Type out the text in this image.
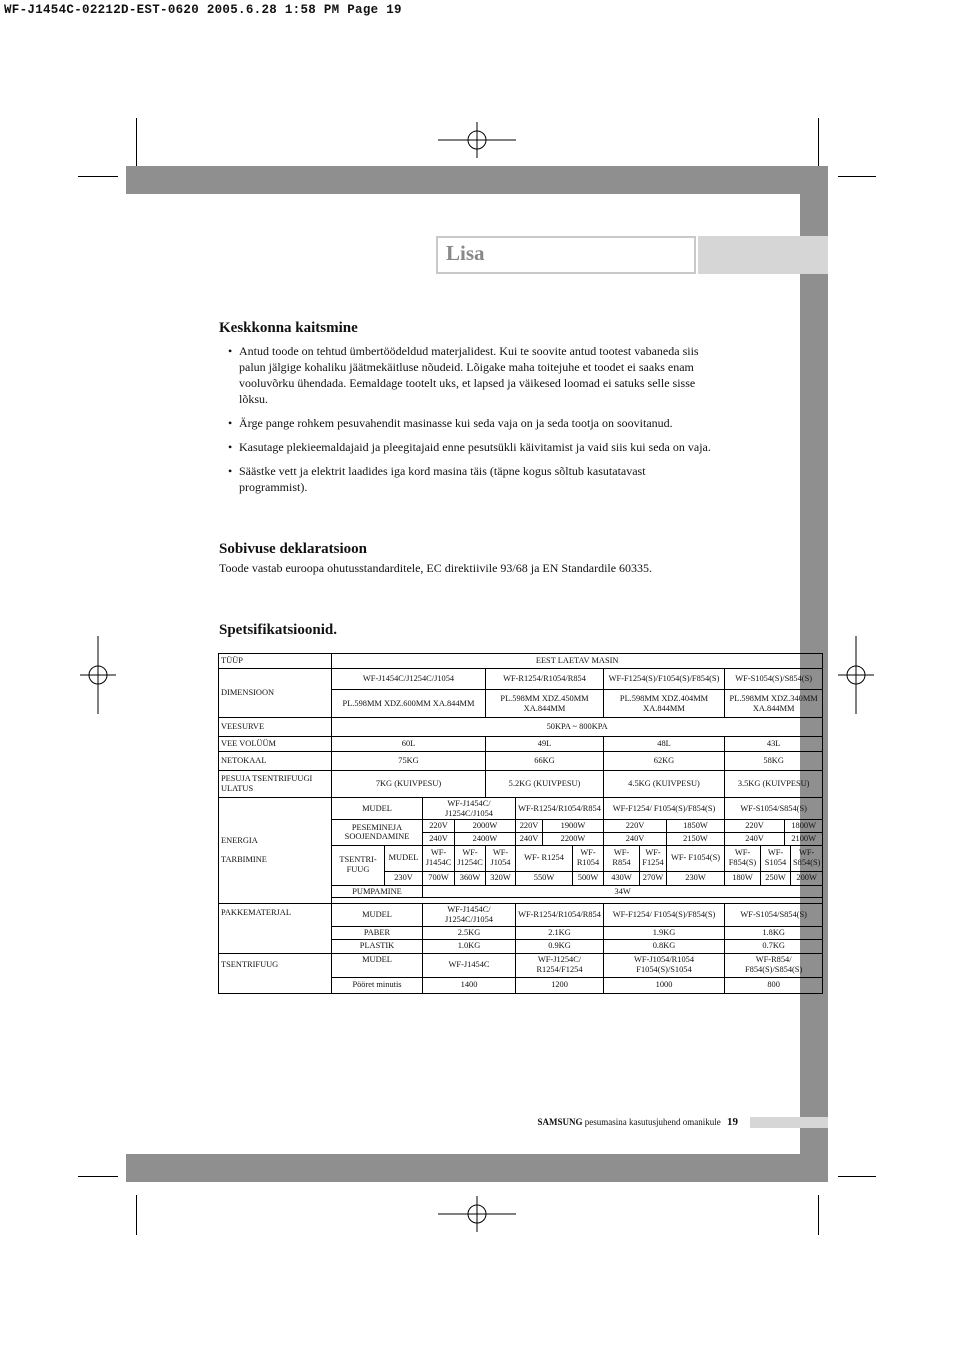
WF-J1454C-02212D-EST-0620 2005.6.28 1:58 PM Page 19
Lisa
Keskkonna kaitsmine
• Antud toode on tehtud ümbertöödeldud materjalidest. Kui te soovite antud tootest vabaneda siis palun jälgige kohaliku jäätmekäitluse nõudeid. Lõigake maha toitejuhe et toodet ei saaks enam vooluvõrku ühendada. Eemaldage tootelt uks, et lapsed ja väikesed loomad ei satuks selle sisse lõksu.
• Ärge pange rohkem pesuvahendit masinasse kui seda vaja on ja seda tootja on soovitanud.
• Kasutage plekieemaldajaid ja pleegitajaid enne pesutsükli käivitamist ja vaid siis kui seda on vaja.
• Säästke vett ja elektrit laadides iga kord masina täis (täpne kogus sõltub kasutatavast programmist).
Sobivuse deklaratsioon
Toode vastab euroopa ohutusstandarditele, EC direktiivile 93/68 ja EN Standardile 60335.
Spetsifikatsioonid.
TÜÜP	EEST LAETAV MASIN														
DIMENSIOON	WF-J1454C/J1254C/J1054				WF-R1254/R1054/R854				WF-F1254(S)/F1054(S)/F854(S)			WF-S1054(S)/S854(S)			
	PL.598MM XDZ.600MM XA.844MM				PL.598MM XDZ.450MM XA.844MM				PL.598MM XDZ.404MM XA.844MM			PL.598MM XDZ.340MM XA.844MM			
VEESURVE	50KPA ~ 800KPA														
VEE VOLÜÜM	60L				49L				48L			43L			
NETOKAAL	75KG				66KG				62KG			58KG			
PESUJA TSENTRIFUUGI ULATUS	7KG (KUIVPESU)				5.2KG (KUIVPESU)				4.5KG (KUIVPESU)			3.5KG (KUIVPESU)			
ENERGIA

TARBIMINE	MUDEL		WF-J1454C/ J1254C/J1054			WF-R1254/R1054/R854			WF-F1254/ F1054(S)/F854(S)			WF-S1054/S854(S)			
	PESEMINEJA
SOOJENDAMINE		220V	2000W		220V	1900W		220V		1850W	220V		1800W	
			240V	2400W		240V	2200W		240V		2150W	240V		2100W	
	TSENTRI- FUUG	MUDEL	WF- J1454C	WF- J1254C	WF- J1054	WF- R1254		WF- R1054	WF- R854	WF- F1254	WF- F1054(S)	WF- F854(S)	WF- S1054		WF- S854(S)
		230V	700W	360W	320W	550W		500W	430W	270W	230W	180W	250W		200W
	PUMPAMINE		34W												

PAKKEMATERJAL	MUDEL		WF-J1454C/ J1254C/J1054			WF-R1254/R1054/R854			WF-F1254/ F1054(S)/F854(S)			WF-S1054/S854(S)			
	PABER		2.5KG			2.1KG			1.9KG			1.8KG			
	PLASTIK		1.0KG			0.9KG			0.8KG			0.7KG			
TSENTRIFUUG	MUDEL		WF-J1454C			WF-J1254C/ R1254/F1254			WF-J1054/R1054 F1054(S)/S1054			WF-R854/ F854(S)/S854(S)			
	Pööret minutis		1400			1200			1000			800			
SAMSUNG pesumasina kasutusjuhend omanikule 19
